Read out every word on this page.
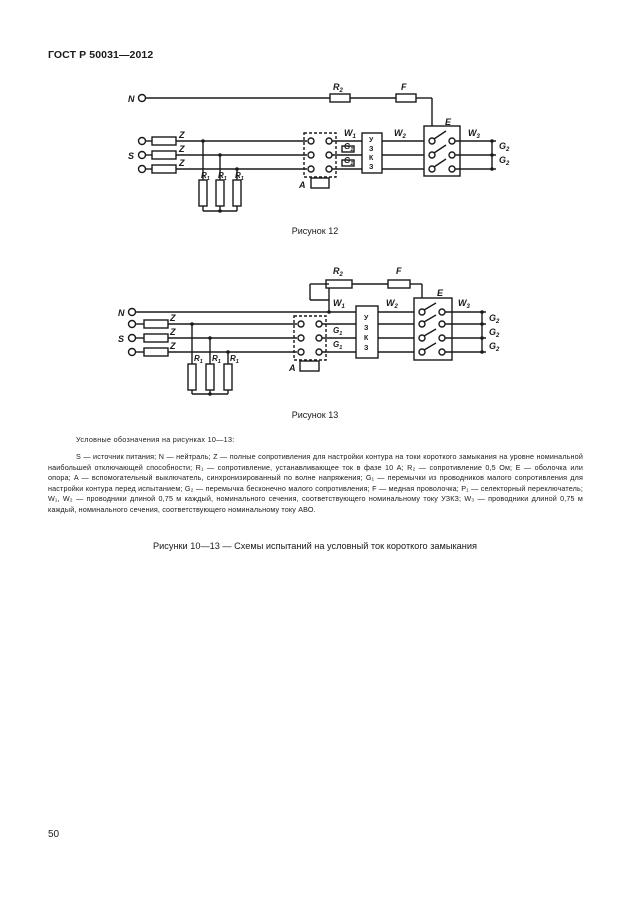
ГОСТ Р 50031—2012
N
S
Z
Z
Z
$R_2$	F
E
$W_1$	$W_2$	$W_3$
$G_1$
$G_1$
$G_2$
$G_2$
$R_1$ $R_1$ $R_1$
A
У
З
К
З
Рисунок 12
N
S
Z
Z
Z
$R_2$	F
E
$W_1$	$W_2$	$W_3$
$G_1$
$G_1$
$G_2$
$G_2$
$G_2$
$R_1$ $R_1$ $R_1$
A
У
З
К
З
Рисунок 13
Условные обозначения на рисунках 10—13:
S — источник питания; N — нейтраль; Z — полные сопротивления для настройки контура на токи короткого замыкания на уровне номинальной наибольшей отключающей способности; R₁ — сопротивление, устанавливающее ток в фазе 10 А; R₂ — сопротивление 0,5 Ом; E — оболочка или опора; A — вспомогательный выключатель, синхронизированный по волне напряжения; G₁ — перемычки из проводников малого сопротивления для настройки контура перед испытанием; G₂ — перемычка бесконечно малого сопротивления; F — медная проволочка; P₁ — селекторный переключатель; W₁, W₂ — проводники длиной 0,75 м каждый, номинального сечения, соответствующего номинальному току УЗКЗ; W₃ — проводники длиной 0,75 м каждый, номинального сечения, соответствующего номинальному току АВО.
Рисунки 10—13 — Схемы испытаний на условный ток короткого замыкания
50
